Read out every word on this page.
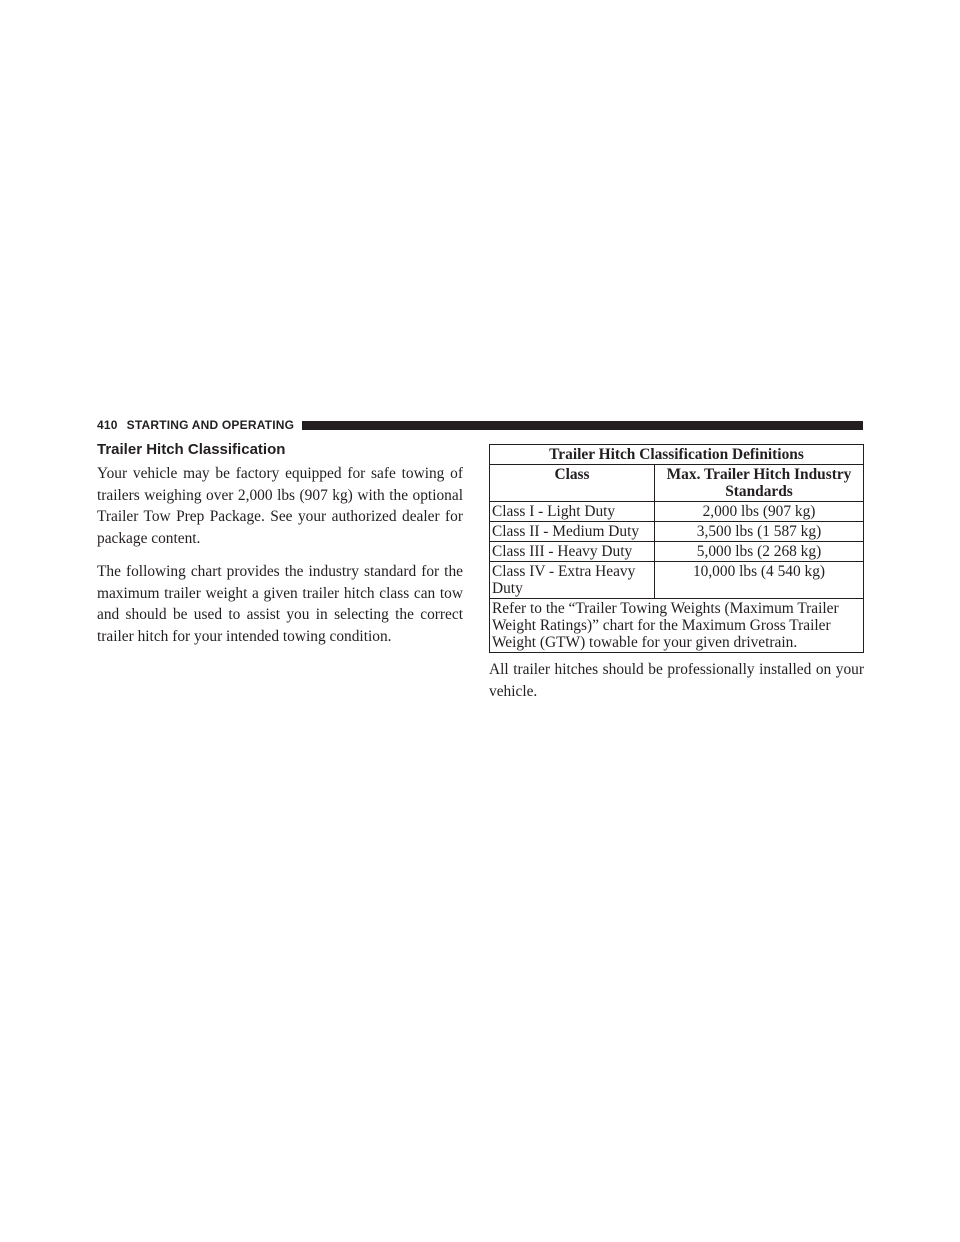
410 STARTING AND OPERATING
Trailer Hitch Classification

Your vehicle may be factory equipped for safe towing of trailers weighing over 2,000 lbs (907 kg) with the optional Trailer Tow Prep Package. See your authorized dealer for package content.

The following chart provides the industry standard for the maximum trailer weight a given trailer hitch class can tow and should be used to assist you in selecting the correct trailer hitch for your intended towing condition.

Trailer Hitch Classification Definitions	
Class	Max. Trailer Hitch Industry Standards
Class I - Light Duty	2,000 lbs (907 kg)
Class II - Medium Duty	3,500 lbs (1 587 kg)
Class III - Heavy Duty	5,000 lbs (2 268 kg)
Class IV - Extra Heavy Duty	10,000 lbs (4 540 kg)
Refer to the “Trailer Towing Weights (Maximum Trailer Weight Ratings)” chart for the Maximum Gross Trailer Weight (GTW) towable for your given drivetrain.	

All trailer hitches should be professionally installed on your vehicle.
